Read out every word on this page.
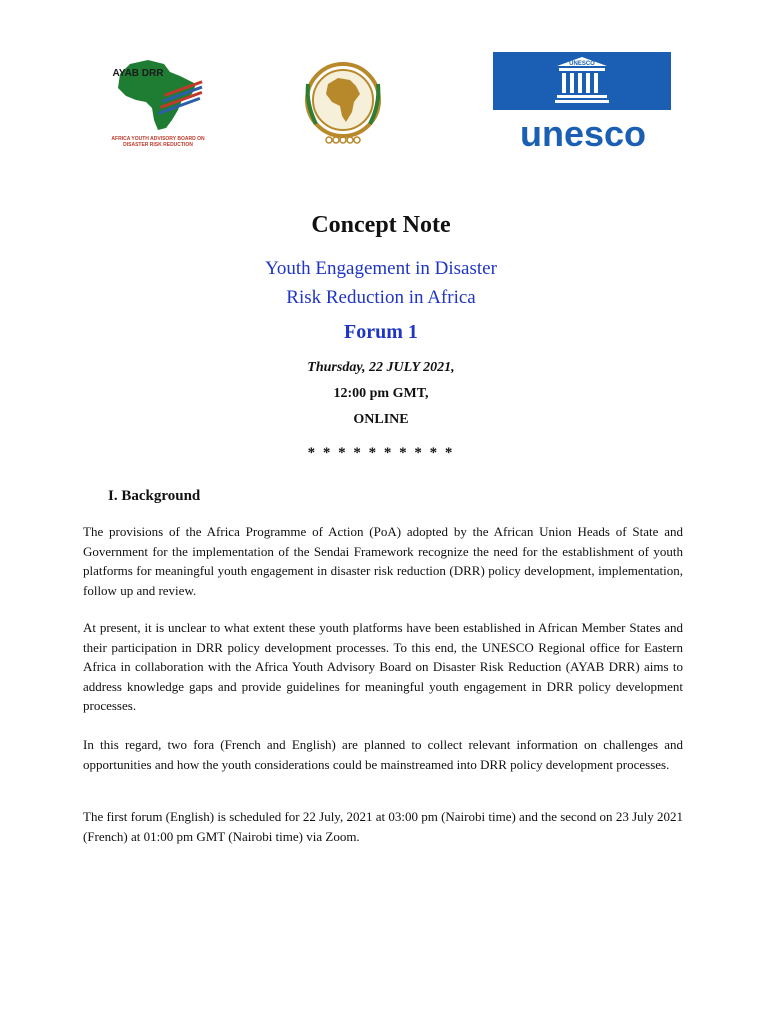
AYAB DRR
AFRICA YOUTH ADVISORY BOARD ON DISASTER RISK REDUCTION
UNESCO
unesco
Concept Note
Youth Engagement in Disaster
Risk Reduction in Africa
Forum 1
Thursday, 22 JULY 2021,
12:00 pm GMT,
ONLINE
* * * * * * * * * *
I. Background

The provisions of the Africa Programme of Action (PoA) adopted by the African Union Heads of State and Government for the implementation of the Sendai Framework recognize the need for the establishment of youth platforms for meaningful youth engagement in disaster risk reduction (DRR) policy development, implementation, follow up and review.

At present, it is unclear to what extent these youth platforms have been established in African Member States and their participation in DRR policy development processes. To this end, the UNESCO Regional office for Eastern Africa in collaboration with the Africa Youth Advisory Board on Disaster Risk Reduction (AYAB DRR) aims to address knowledge gaps and provide guidelines for meaningful youth engagement in DRR policy development processes.

In this regard, two fora (French and English) are planned to collect relevant information on challenges and opportunities and how the youth considerations could be mainstreamed into DRR policy development processes.

The first forum (English) is scheduled for 22 July, 2021 at 03:00 pm (Nairobi time) and the second on 23 July 2021 (French) at 01:00 pm GMT (Nairobi time) via Zoom.
